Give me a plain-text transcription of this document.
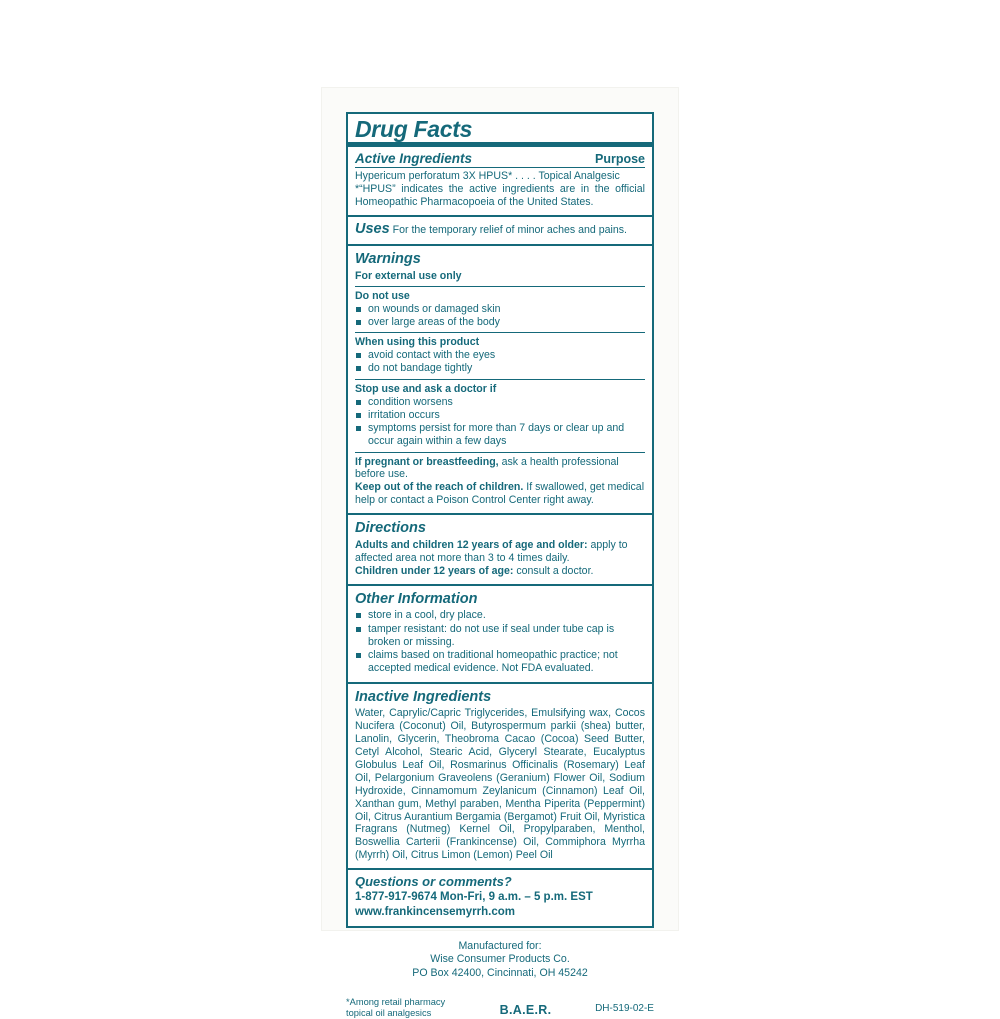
Drug Facts
Active Ingredients	Purpose
Hypericum perforatum 3X HPUS* . . . . Topical Analgesic
*“HPUS” indicates the active ingredients are in the official Homeopathic Pharmacopoeia of the United States.
Uses For the temporary relief of minor aches and pains.
Warnings
For external use only
Do not use
on wounds or damaged skin
over large areas of the body
When using this product
avoid contact with the eyes
do not bandage tightly
Stop use and ask a doctor if
condition worsens
irritation occurs
symptoms persist for more than 7 days or clear up and occur again within a few days
If pregnant or breastfeeding, ask a health professional before use.
Keep out of the reach of children. If swallowed, get medical help or contact a Poison Control Center right away.
Directions
Adults and children 12 years of age and older: apply to affected area not more than 3 to 4 times daily.
Children under 12 years of age: consult a doctor.
Other Information
store in a cool, dry place.
tamper resistant: do not use if seal under tube cap is broken or missing.
claims based on traditional homeopathic practice; not accepted medical evidence. Not FDA evaluated.
Inactive Ingredients
Water, Caprylic/Capric Triglycerides, Emulsifying wax, Cocos Nucifera (Coconut) Oil, Butyrospermum parkii (shea) butter, Lanolin, Glycerin, Theobroma Cacao (Cocoa) Seed Butter, Cetyl Alcohol, Stearic Acid, Glyceryl Stearate, Eucalyptus Globulus Leaf Oil, Rosmarinus Officinalis (Rosemary) Leaf Oil, Pelargonium Graveolens (Geranium) Flower Oil, Sodium Hydroxide, Cinnamomum Zeylanicum (Cinnamon) Leaf Oil, Xanthan gum, Methyl paraben, Mentha Piperita (Peppermint) Oil, Citrus Aurantium Bergamia (Bergamot) Fruit Oil, Myristica Fragrans (Nutmeg) Kernel Oil, Propylparaben, Menthol, Boswellia Carterii (Frankincense) Oil, Commiphora Myrrha (Myrrh) Oil, Citrus Limon (Lemon) Peel Oil
Questions or comments?
1-877-917-9674 Mon-Fri, 9 a.m. – 5 p.m. EST
www.frankincensemyrrh.com
Manufactured for:
Wise Consumer Products Co.
PO Box 42400, Cincinnati, OH 45242
*Among retail pharmacy
topical oil analgesics	B.A.E.R.	DH-519-02-E
